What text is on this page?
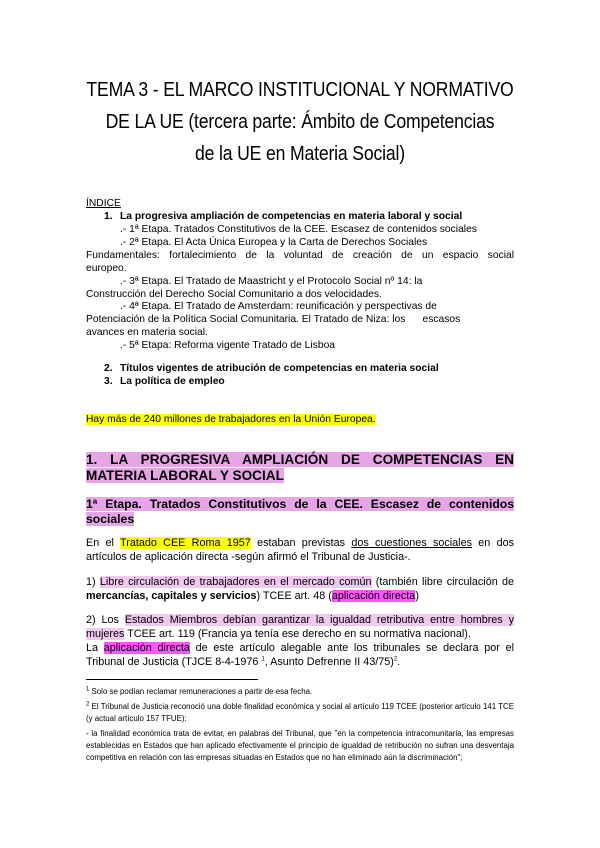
TEMA 3 - EL MARCO INSTITUCIONAL Y NORMATIVO
DE LA UE (tercera parte: Ámbito de Competencias
de la UE en Materia Social)
ÍNDICE
1. La progresiva ampliación de competencias en materia laboral y social
.- 1ª Etapa. Tratados Constitutivos de la CEE. Escasez de contenidos sociales
.- 2ª Etapa. El Acta Única Europea y la Carta de Derechos Sociales
Fundamentales: fortalecimiento de la voluntad de creación de un espacio social
europeo.
.- 3ª Etapa. El Tratado de Maastricht y el Protocolo Social nº 14: la
Construcción del Derecho Social Comunitario a dos velocidades.
.- 4ª Etapa. El Tratado de Amsterdam: reunificación y perspectivas de
Potenciación de la Política Social Comunitaria. El Tratado de Niza: los      escasos
avances en materia social.
.- 5ª Etapa: Reforma vigente Tratado de Lisboa
2. Títulos vigentes de atribución de competencias en materia social
3. La política de empleo
Hay más de 240 millones de trabajadores en la Unión Europea.
1. LA PROGRESIVA AMPLIACIÓN DE COMPETENCIAS EN MATERIA LABORAL Y SOCIAL
1ª Etapa. Tratados Constitutivos de la CEE. Escasez de contenidos sociales
En el Tratado CEE Roma 1957 estaban previstas dos cuestiones sociales en dos artículos de aplicación directa -según afirmó el Tribunal de Justicia-.
1) Libre circulación de trabajadores en el mercado común (también libre circulación de mercancías, capitales y servicios) TCEE art. 48 (aplicación directa)
2) Los Estados Miembros debían garantizar la igualdad retributiva entre hombres y mujeres TCEE art. 119 (Francia ya tenía ese derecho en su normativa nacional).
La aplicación directa de este artículo alegable ante los tribunales se declara por el Tribunal de Justicia (TJCE 8-4-1976 $^1$, Asunto Defrenne II 43/75)$^2$.
$^1$ Solo se podían reclamar remuneraciones a partir de esa fecha.
$^2$ El Tribunal de Justicia reconoció una doble finalidad económica y social al artículo 119 TCEE (posterior artículo 141 TCE (y actual artículo 157 TFUE):
- la finalidad económica trata de evitar, en palabras del Tribunal, que "en la competencia intracomunitaria, las empresas establecidas en Estados que han aplicado efectivamente el principio de igualdad de retribución no sufran una desventaja competitiva en relación con las empresas situadas en Estados que no han eliminado aún la discriminación";
